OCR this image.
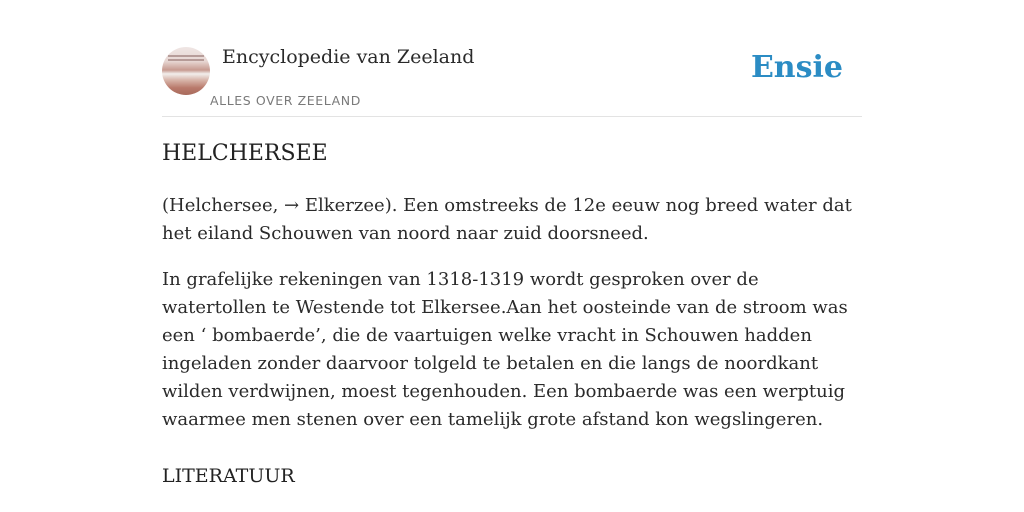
Encyclopedie van Zeeland
ALLES OVER ZEELAND
Ensie
HELCHERSEE

(Helchersee, → Elkerzee). Een omstreeks de 12e eeuw nog breed water dat het eiland Schouwen van noord naar zuid doorsneed.

In grafelijke rekeningen van 1318-1319 wordt gesproken over de watertollen te Westende tot Elkersee.Aan het oosteinde van de stroom was een ‘ bombaerde’, die de vaartuigen welke vracht in Schouwen hadden ingeladen zonder daarvoor tolgeld te betalen en die langs de noordkant wilden verdwijnen, moest tegenhouden. Een bombaerde was een werptuig waarmee men stenen over een tamelijk grote afstand kon wegslingeren.

LITERATUUR
